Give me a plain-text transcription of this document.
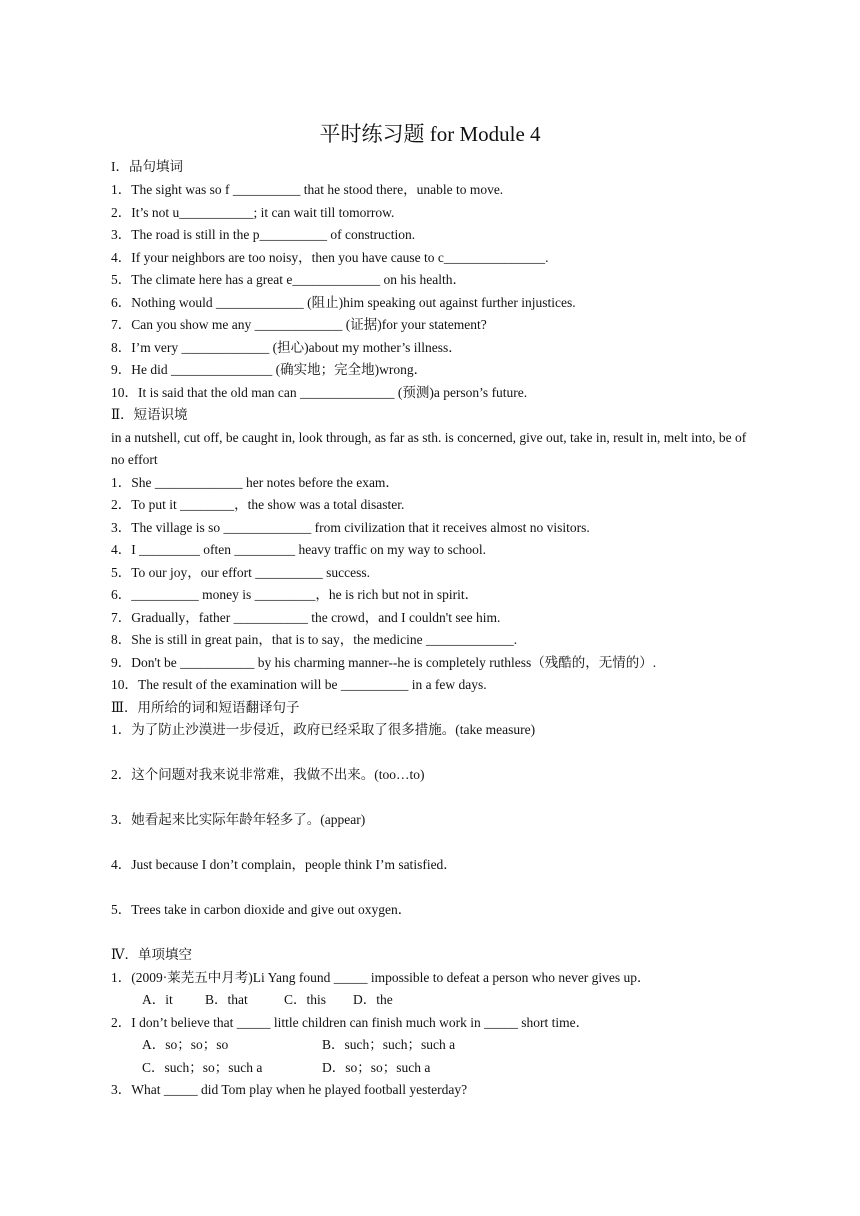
平时练习题 for Module 4
I．品句填词
1．The sight was so f __________ that he stood there，unable to move.
2．It’s not u___________; it can wait till tomorrow.
3．The road is still in the p__________ of construction.
4．If your neighbors are too noisy，then you have cause to c_______________.
5．The climate here has a great e_____________ on his health．
6．Nothing would _____________ (阻止)him speaking out against further injustices.
7．Can you show me any _____________ (证据)for your statement?
8．I’m very _____________ (担心)about my mother’s illness．
9．He did _______________ (确实地；完全地)wrong．
10．It is said that the old man can ______________ (预测)a person’s future.
Ⅱ．短语识境
in a nutshell, cut off, be caught in, look through, as far as sth. is concerned, give out, take in, result in, melt into, be of no effort
1．She _____________ her notes before the exam．
2．To put it ________，the show was a total disaster.
3．The village is so _____________ from civilization that it receives almost no visitors.
4．I _________ often _________ heavy traffic on my way to school.
5．To our joy，our effort __________ success.
6．__________ money is _________，he is rich but not in spirit．
7．Gradually，father ___________ the crowd，and I couldn't see him.
8．She is still in great pain，that is to say，the medicine _____________.
9．Don't be ___________ by his charming manner--he is completely ruthless（残酷的，无情的）.
10．The result of the examination will be __________ in a few days.
Ⅲ．用所给的词和短语翻译句子
1．为了防止沙漠进一步侵近，政府已经采取了很多措施。(take measure)
2．这个问题对我来说非常难，我做不出来。(too…to)
3．她看起来比实际年龄年轻多了。(appear)
4．Just because I don’t complain，people think I’m satisfied．
5．Trees take in carbon dioxide and give out oxygen．
Ⅳ．单项填空
1．(2009·莱芜五中月考)Li Yang found _____ impossible to defeat a person who never gives up．
A．it B．that	C．this D．the
2．I don’t believe that _____ little children can finish much work in _____ short time．
A．so；so；so	B．such；such；such a
C．such；so；such a	D．so；so；such a
3．What _____ did Tom play when he played football yesterday?
